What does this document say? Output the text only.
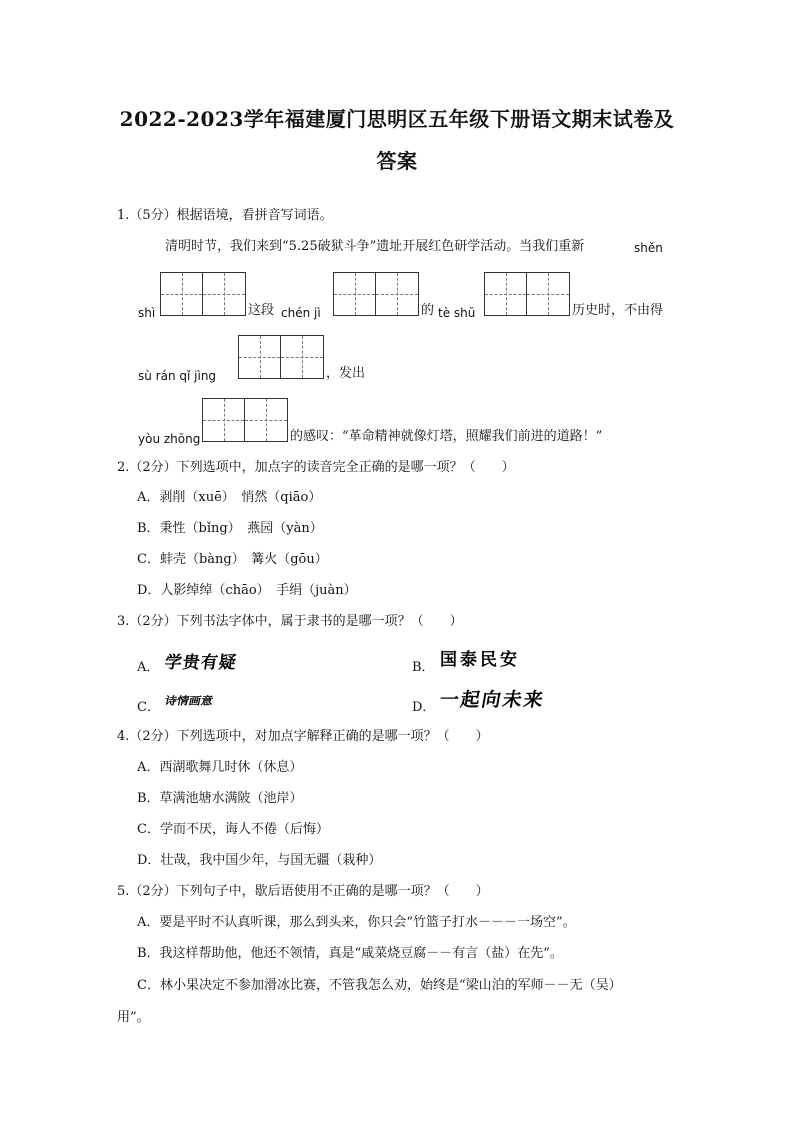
2022-2023学年福建厦门思明区五年级下册语文期末试卷及
答案
1.（5分）根据语境，看拼音写词语。
清明时节，我们来到“5.25破狱斗争”遗址开展红色研学活动。当我们重新	shěn
shì	这段 chén jì	的 tè shū	历史时，不由得
sù rán qǐ jìng	，发出
yòu zhōng	的感叹：“革命精神就像灯塔，照耀我们前进的道路！”
2.（2分）下列选项中，加点字的读音完全正确的是哪一项？（　　）
A．剥削（xuē）　悄然（qiāo）
B．秉性（bǐng）　燕园（yàn）
C．蚌壳（bàng）　篝火（gōu）
D．人影绰绰（chāo）　手绢（juàn）
3.（2分）下列书法字体中，属于隶书的是哪一项？（　　）
A． 学贵有疑	B． 国泰民安
C． 诗情画意	D． 一起向未来
4.（2分）下列选项中，对加点字解释正确的是哪一项？（　　）
A．西湖歌舞几时休（休息）
B．草满池塘水满陂（池岸）
C．学而不厌，诲人不倦（后悔）
D．壮哉，我中国少年，与国无疆（栽种）
5.（2分）下列句子中，歇后语使用不正确的是哪一项？（　　）
A．要是平时不认真听课，那么到头来，你只会“竹篮子打水－－－一场空”。
B．我这样帮助他，他还不领情，真是“咸菜烧豆腐－－有言（盐）在先”。
C．林小果决定不参加滑冰比赛，不管我怎么劝，始终是“梁山泊的军师－－无（吴）
用”。
